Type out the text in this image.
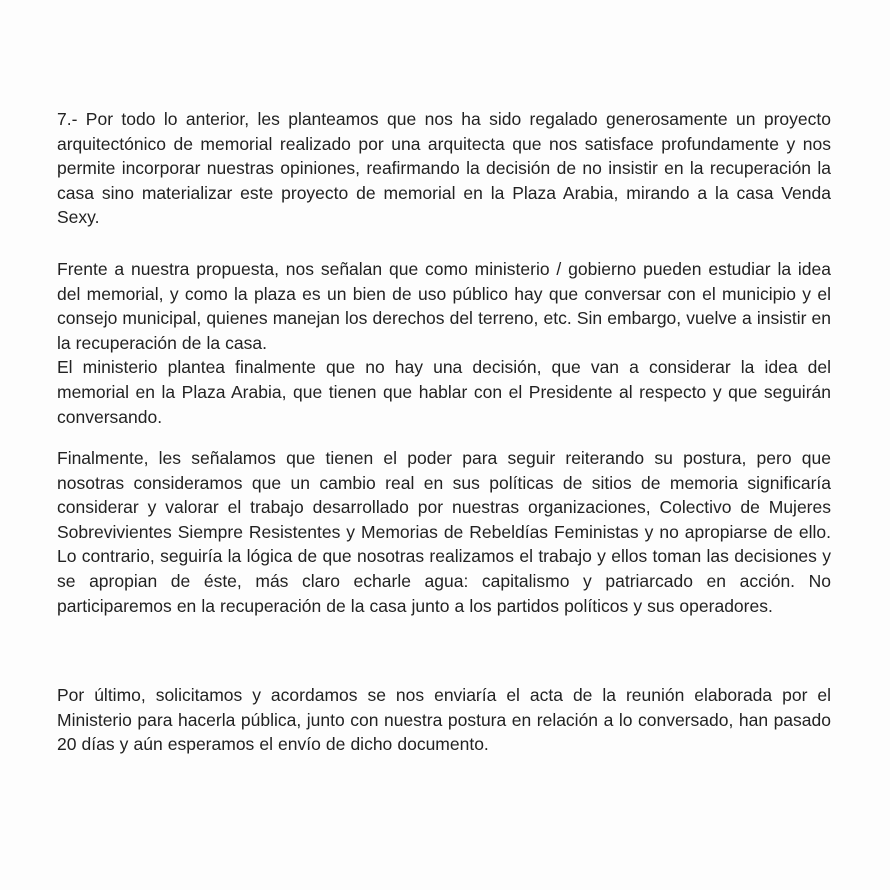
7.- Por todo lo anterior, les planteamos que nos ha sido regalado generosamente un proyecto arquitectónico de memorial realizado por una arquitecta que nos satisface profundamente y nos permite incorporar nuestras opiniones, reafirmando la decisión de no insistir en la recuperación la casa sino materializar este proyecto de memorial en la Plaza Arabia, mirando a la casa Venda Sexy.

Frente a nuestra propuesta, nos señalan que como ministerio / gobierno pueden estudiar la idea del memorial, y como la plaza es un bien de uso público hay que conversar con el municipio y el consejo municipal, quienes manejan los derechos del terreno, etc. Sin embargo, vuelve a insistir en la recuperación de la casa.

El ministerio plantea finalmente que no hay una decisión, que van a considerar la idea del memorial en la Plaza Arabia, que tienen que hablar con el Presidente al respecto y que seguirán conversando.

Finalmente, les señalamos que tienen el poder para seguir reiterando su postura, pero que nosotras consideramos que un cambio real en sus políticas de sitios de memoria significaría considerar y valorar el trabajo desarrollado por nuestras organizaciones, Colectivo de Mujeres Sobrevivientes Siempre Resistentes y Memorias de Rebeldías Feministas y no apropiarse de ello. Lo contrario, seguiría la lógica de que nosotras realizamos el trabajo y ellos toman las decisiones y se apropian de éste, más claro echarle agua: capitalismo y patriarcado en acción. No participaremos en la recuperación de la casa junto a los partidos políticos y sus operadores.

Por último, solicitamos y acordamos se nos enviaría el acta de la reunión elaborada por el Ministerio para hacerla pública, junto con nuestra postura en relación a lo conversado, han pasado 20 días y aún esperamos el envío de dicho documento.
